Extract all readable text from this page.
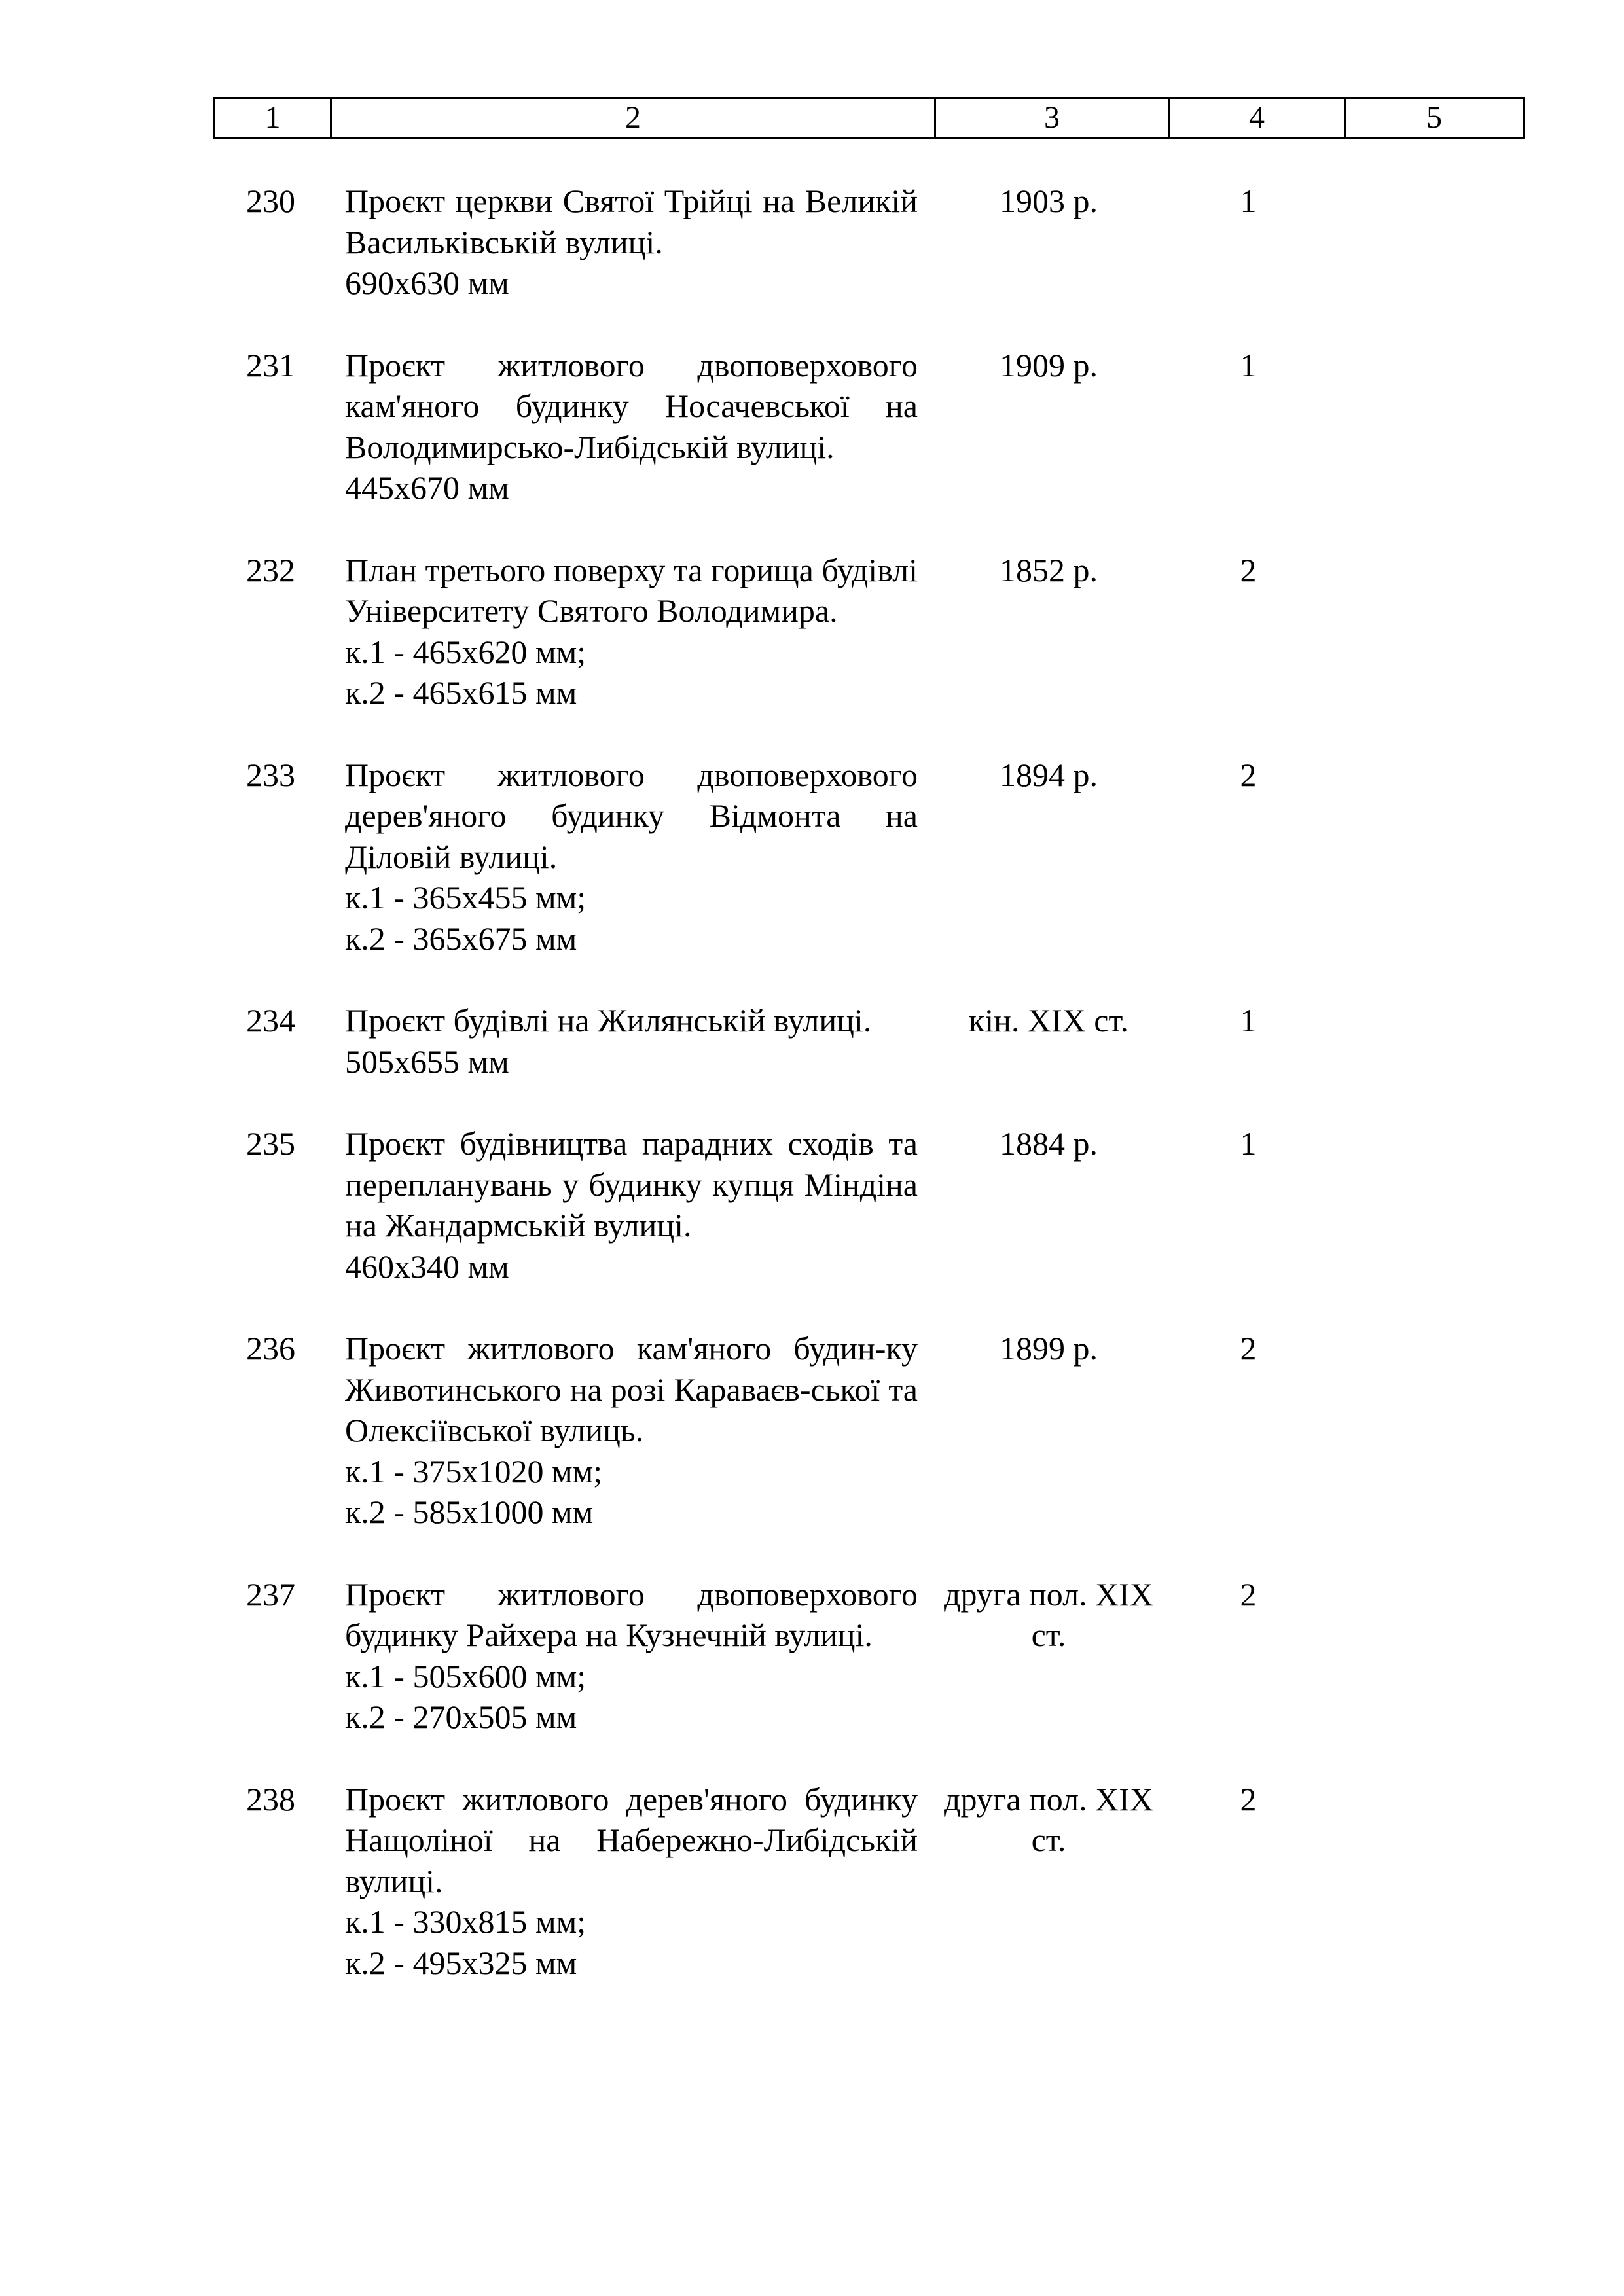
1	2	3	4	5
230 Проєкт церкви Святої Трійці на Великій Васильківській вулиці.
690х630 мм
1903 р.	1
231 Проєкт житлового двоповерхового кам'яного будинку Носачевської на Володимирсько-Либідській вулиці.
445х670 мм
1909 р.	1
232 План третього поверху та горища будівлі Університету Святого Володимира.
к.1 - 465х620 мм;
к.2 - 465х615 мм
1852 р.	2
233 Проєкт житлового двоповерхового дерев'яного будинку Відмонта на Діловій вулиці.
к.1 - 365х455 мм;
к.2 - 365х675 мм
1894 р.	2
234 Проєкт будівлі на Жилянській вулиці.
505х655 мм
кін. ХІХ ст.	1
235 Проєкт будівництва парадних сходів та перепланувань у будинку купця Міндіна на Жандармській вулиці.
460х340 мм
1884 р.	1
236 Проєкт житлового кам'яного будин-ку Животинського на розі Караваєв-ської та Олексіївської вулиць.
к.1 - 375х1020 мм;
к.2 - 585х1000 мм
1899 р.	2
237 Проєкт житлового двоповерхового будинку Райхера на Кузнечній вулиці.
к.1 - 505х600 мм;
к.2 - 270х505 мм
друга пол. ХІХ ст.
2
238 Проєкт житлового дерев'яного будинку Нащоліної на Набережно-Либідській вулиці.
к.1 - 330х815 мм;
к.2 - 495х325 мм
друга пол. ХІХ ст.
2
